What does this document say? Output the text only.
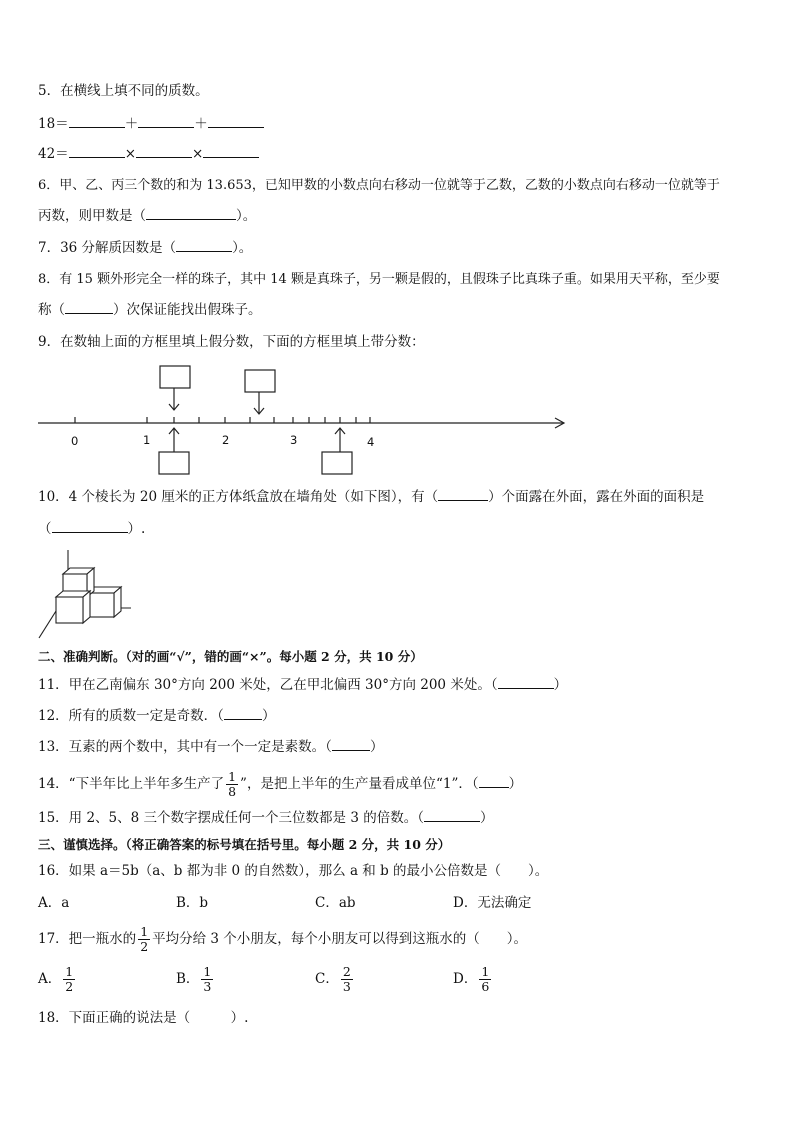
5．在横线上填不同的质数。
18＝	＋	＋
42＝	×	×
6．甲、乙、丙三个数的和为 13.653，已知甲数的小数点向右移动一位就等于乙数，乙数的小数点向右移动一位就等于
丙数，则甲数是（	）。
7．36 分解质因数是（	）。
8．有 15 颗外形完全一样的珠子，其中 14 颗是真珠子，另一颗是假的，且假珠子比真珠子重。如果用天平称，至少要
称（	）次保证能找出假珠子。
9．在数轴上面的方框里填上假分数，下面的方框里填上带分数：
0	1	2	3	4
10．4 个棱长为 20 厘米的正方体纸盒放在墙角处（如下图），有（	）个面露在外面，露在外面的面积是
（	）.
二、准确判断。（对的画“√”，错的画“×”。每小题 2 分，共 10 分）
11．甲在乙南偏东 30°方向 200 米处，乙在甲北偏西 30°方向 200 米处。（	）
12．所有的质数一定是奇数．（	）
13．互素的两个数中，其中有一个一定是素数。（	）
14．“下半年比上半年多生产了 $\frac{1}{8}$ ”，是把上半年的生产量看成单位“1”．（ ）
15．用 2、5、8 三个数字摆成任何一个三位数都是 3 的倍数。（	）
三、谨慎选择。（将正确答案的标号填在括号里。每小题 2 分，共 10 分）
16．如果 a＝5b（a、b 都为非 0 的自然数），那么 a 和 b 的最小公倍数是（　　）。
A．a	B．b	C．ab	D．无法确定
17．把一瓶水的 $\frac{1}{2}$ 平均分给 3 个小朋友，每个小朋友可以得到这瓶水的（　　）。
A． $\frac{1}{2}$	B． $\frac{1}{3}$	C． $\frac{2}{3}$	D． $\frac{1}{6}$
18．下面正确的说法是（　　　）.
